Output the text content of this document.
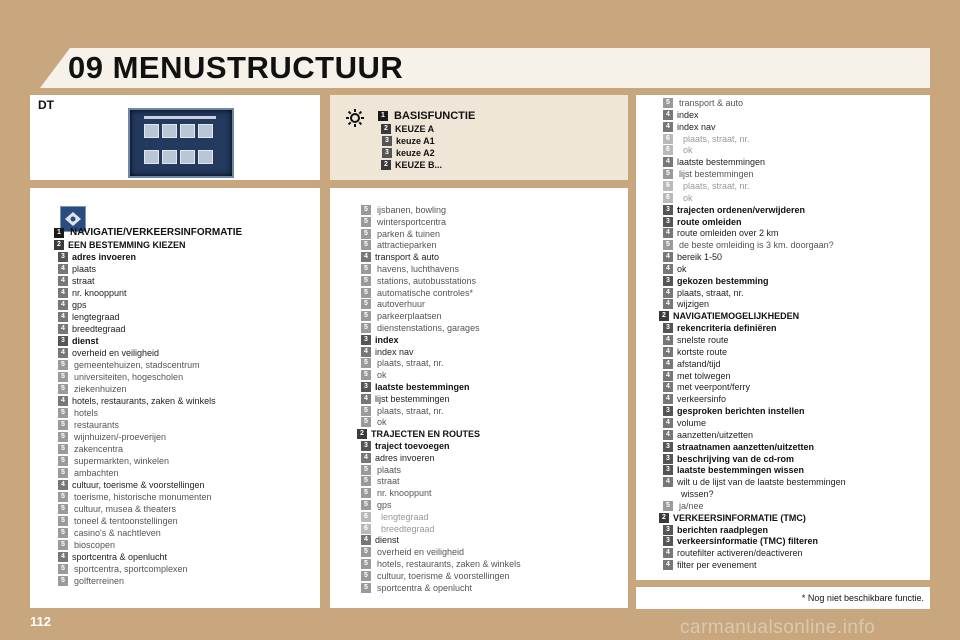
09 MENUSTRUCTUUR
DT
1 BASISFUNCTIE
2 KEUZE A
3 keuze A1
3 keuze A2
2 KEUZE B...
1 NAVIGATIE/VERKEERSINFORMATIE
2 EEN BESTEMMING KIEZEN
3 adres invoeren
4 plaats
4 straat
4 nr. knooppunt
4 gps
4 lengtegraad
4 breedtegraad
3 dienst
4 overheid en veiligheid
5	gemeentehuizen, stadscentrum
5	universiteiten, hogescholen
5	ziekenhuizen
4 hotels, restaurants, zaken & winkels
5	hotels
5	restaurants
5	wijnhuizen/-proeverijen
5	zakencentra
5	supermarkten, winkelen
5	ambachten
4 cultuur, toerisme & voorstellingen
5	toerisme, historische monumenten
5	cultuur, musea & theaters
5	toneel & tentoonstellingen
5	casino's & nachtleven
5	bioscopen
4 sportcentra & openlucht
5	sportcentra, sportcomplexen
5	golfterreinen
5	ijsbanen, bowling
5	wintersportcentra
5	parken & tuinen
5	attractieparken
4 transport & auto
5	havens, luchthavens
5	stations, autobusstations
5	automatische controles*
5	autoverhuur
5	parkeerplaatsen
5	dienstenstations, garages
3 index
4 index nav
5	plaats, straat, nr.
5	ok
3 laatste bestemmingen
4 lijst bestemmingen
5	plaats, straat, nr.
5	ok
2 TRAJECTEN EN ROUTES
3 traject toevoegen
4 adres invoeren
5	plaats
5	straat
5	nr. knooppunt
5	gps
6	lengtegraad
6	breedtegraad
4 dienst
5	overheid en veiligheid
5	hotels, restaurants, zaken & winkels
5	cultuur, toerisme & voorstellingen
5	sportcentra & openlucht
5	transport & auto
4 index
4 index nav
6	plaats, straat, nr.
6	ok
4 laatste bestemmingen
5	lijst bestemmingen
6	plaats, straat, nr.
6	ok
3 trajecten ordenen/verwijderen
3 route omleiden
4 route omleiden over 2 km
5	de beste omleiding is 3 km. doorgaan?
4 bereik 1-50
4 ok
3 gekozen bestemming
4 plaats, straat, nr.
4 wijzigen
2 NAVIGATIEMOGELIJKHEDEN
3 rekencriteria definiëren
4 snelste route
4 kortste route
4 afstand/tijd
4 met tolwegen
4 met veerpont/ferry
4 verkeersinfo
3 gesproken berichten instellen
4 volume
4 aanzetten/uitzetten
3 straatnamen aanzetten/uitzetten
3 beschrijving van de cd-rom
3 laatste bestemmingen wissen
4 wilt u de lijst van de laatste bestemmingen
wissen?
5	ja/nee
2 VERKEERSINFORMATIE (TMC)
3 berichten raadplegen
3 verkeersinformatie (TMC) filteren
4 routefilter activeren/deactiveren
4 filter per evenement
* Nog niet beschikbare functie.
112	carmanualsonline.info
